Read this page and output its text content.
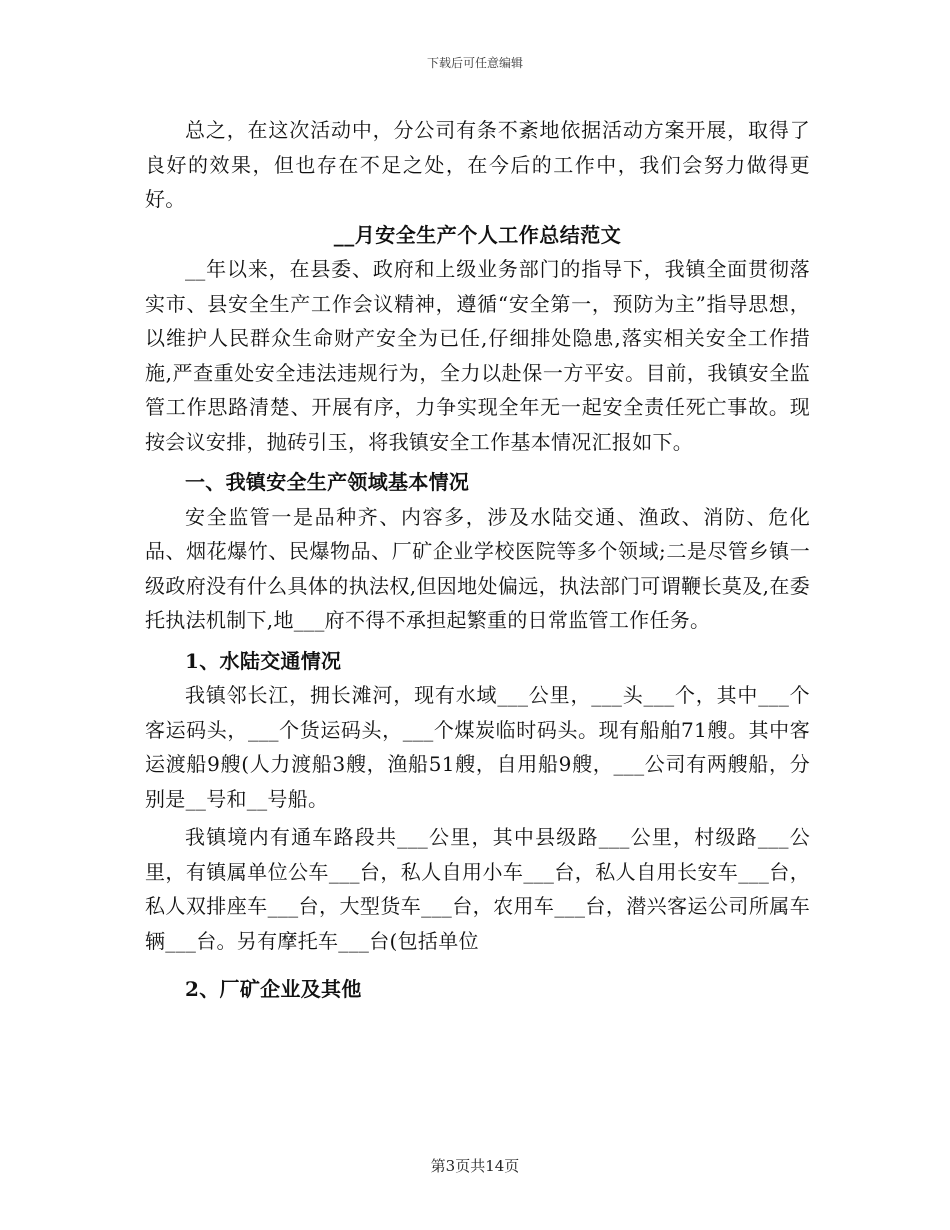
下载后可任意编辑

总之，在这次活动中，分公司有条不紊地依据活动方案开展，取得了良好的效果，但也存在不足之处，在今后的工作中，我们会努力做得更好。

__月安全生产个人工作总结范文

__年以来，在县委、政府和上级业务部门的指导下，我镇全面贯彻落实市、县安全生产工作会议精神，遵循“安全第一，预防为主”指导思想，以维护人民群众生命财产安全为已任,仔细排处隐患,落实相关安全工作措施,严查重处安全违法违规行为，全力以赴保一方平安。目前，我镇安全监管工作思路清楚、开展有序，力争实现全年无一起安全责任死亡事故。现按会议安排，抛砖引玉，将我镇安全工作基本情况汇报如下。

一、我镇安全生产领域基本情况

安全监管一是品种齐、内容多，涉及水陆交通、渔政、消防、危化品、烟花爆竹、民爆物品、厂矿企业学校医院等多个领域;二是尽管乡镇一级政府没有什么具体的执法权,但因地处偏远，执法部门可谓鞭长莫及,在委托执法机制下,地___府不得不承担起繁重的日常监管工作任务。

1、水陆交通情况

我镇邻长江，拥长滩河，现有水域___公里，___头___个，其中___个客运码头，___个货运码头，___个煤炭临时码头。现有船舶71艘。其中客运渡船9艘(人力渡船3艘，渔船51艘，自用船9艘，___公司有两艘船，分别是__号和__号船。

我镇境内有通车路段共___公里，其中县级路___公里，村级路___公里，有镇属单位公车___台，私人自用小车___台，私人自用长安车___台，私人双排座车___台，大型货车___台，农用车___台，潜兴客运公司所属车辆___台。另有摩托车___台(包括单位

2、厂矿企业及其他
第3页共14页
